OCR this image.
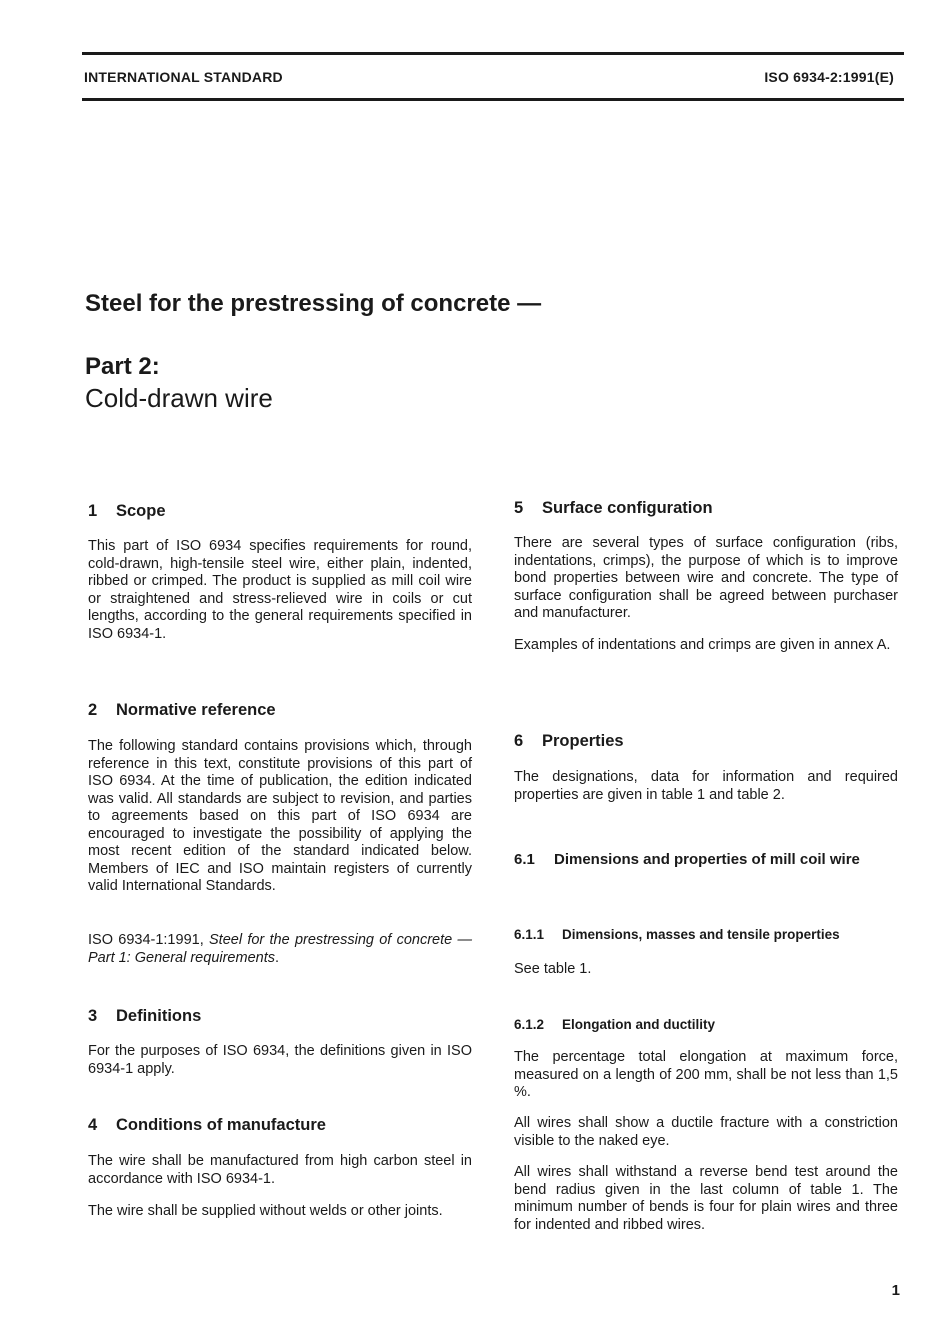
INTERNATIONAL STANDARD	ISO 6934-2:1991(E)
Steel for the prestressing of concrete —
Part 2:
Cold-drawn wire
1 Scope

This part of ISO 6934 specifies requirements for round, cold-drawn, high-tensile steel wire, either plain, indented, ribbed or crimped. The product is supplied as mill coil wire or straightened and stress-relieved wire in coils or cut lengths, according to the general requirements specified in ISO 6934-1.

2 Normative reference

The following standard contains provisions which, through reference in this text, constitute provisions of this part of ISO 6934. At the time of publication, the edition indicated was valid. All standards are subject to revision, and parties to agreements based on this part of ISO 6934 are encouraged to investigate the possibility of applying the most recent edition of the standard indicated below. Members of IEC and ISO maintain registers of currently valid International Standards.

ISO 6934-1:1991, Steel for the prestressing of concrete — Part 1: General requirements.

3 Definitions

For the purposes of ISO 6934, the definitions given in ISO 6934-1 apply.

4 Conditions of manufacture

The wire shall be manufactured from high carbon steel in accordance with ISO 6934-1.

The wire shall be supplied without welds or other joints.

5 Surface configuration

There are several types of surface configuration (ribs, indentations, crimps), the purpose of which is to improve bond properties between wire and concrete. The type of surface configuration shall be agreed between purchaser and manufacturer.

Examples of indentations and crimps are given in annex A.

6 Properties

The designations, data for information and required properties are given in table 1 and table 2.

6.1 Dimensions and properties of mill coil wire
6.1.1 Dimensions, masses and tensile properties

See table 1.

6.1.2 Elongation and ductility

The percentage total elongation at maximum force, measured on a length of 200 mm, shall be not less than 1,5 %.

All wires shall show a ductile fracture with a constriction visible to the naked eye.

All wires shall withstand a reverse bend test around the bend radius given in the last column of table 1. The minimum number of bends is four for plain wires and three for indented and ribbed wires.

1
